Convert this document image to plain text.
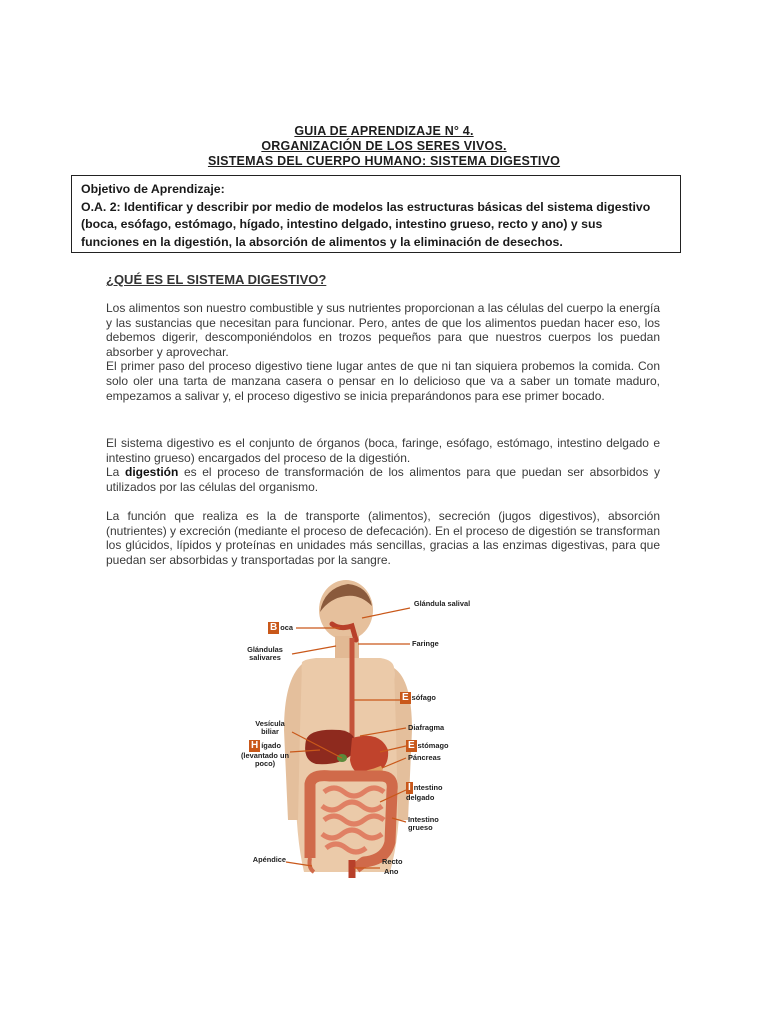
GUIA DE APRENDIZAJE N° 4.
ORGANIZACIÓN DE LOS SERES VIVOS.
SISTEMAS DEL CUERPO HUMANO: SISTEMA DIGESTIVO
Objetivo de Aprendizaje:
O.A. 2: Identificar y describir por medio de modelos las estructuras básicas del sistema digestivo
(boca, esófago, estómago, hígado, intestino delgado, intestino grueso, recto y ano) y sus
funciones en la digestión, la absorción de alimentos y la eliminación de desechos.
¿QUÉ ES EL SISTEMA DIGESTIVO?

Los alimentos son nuestro combustible y sus nutrientes proporcionan a las células del cuerpo la energía y las sustancias que necesitan para funcionar. Pero, antes de que los alimentos puedan hacer eso, los debemos digerir, descomponiéndolos en trozos pequeños para que nuestros cuerpos los puedan absorber y aprovechar.

El primer paso del proceso digestivo tiene lugar antes de que ni tan siquiera probemos la comida. Con solo oler una tarta de manzana casera o pensar en lo delicioso que va a saber un tomate maduro, empezamos a salivar y, el proceso digestivo se inicia preparándonos para ese primer bocado.

El sistema digestivo es el conjunto de órganos (boca, faringe, esófago, estómago, intestino delgado e intestino grueso) encargados del proceso de la digestión.

La digestión es el proceso de transformación de los alimentos para que puedan ser absorbidos y utilizados por las células del organismo.

La función que realiza es la de transporte (alimentos), secreción (jugos digestivos), absorción (nutrientes) y excreción (mediante el proceso de defecación). En el proceso de digestión se transforman los glúcidos, lípidos y proteínas en unidades más sencillas, gracias a las enzimas digestivas, para que puedan ser absorbidas y transportadas por la sangre.

Glándula salival
B oca
Faringe
Glándulas salivares
E sófago
Vesícula biliar	Diafragma
H ígado
(levantado un poco)
E stómago
Páncreas
I ntestino
delgado
Intestino grueso
Apéndice	Recto
Ano
